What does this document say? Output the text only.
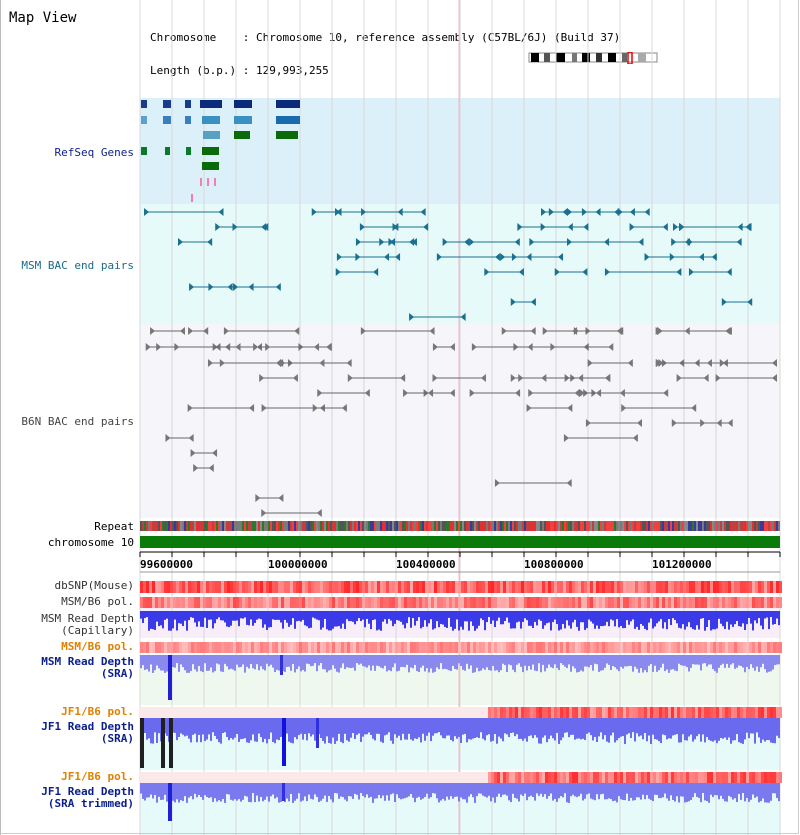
Map View

Chromosome    : Chromosome 10, reference assembly (C57BL/6J) (Build 37)

Length (b.p.) : 129,993,255

99600000	100000000	100400000	100800000	101200000
RefSeq Genes
MSM BAC end pairs
B6N BAC end pairs
Repeat
chromosome 10
dbSNP(Mouse)
MSM/B6 pol.
MSM Read Depth
(Capillary)
MSM/B6 pol.
MSM Read Depth
(SRA)
JF1/B6 pol.
JF1 Read Depth
(SRA)
JF1/B6 pol.
JF1 Read Depth
(SRA trimmed)
